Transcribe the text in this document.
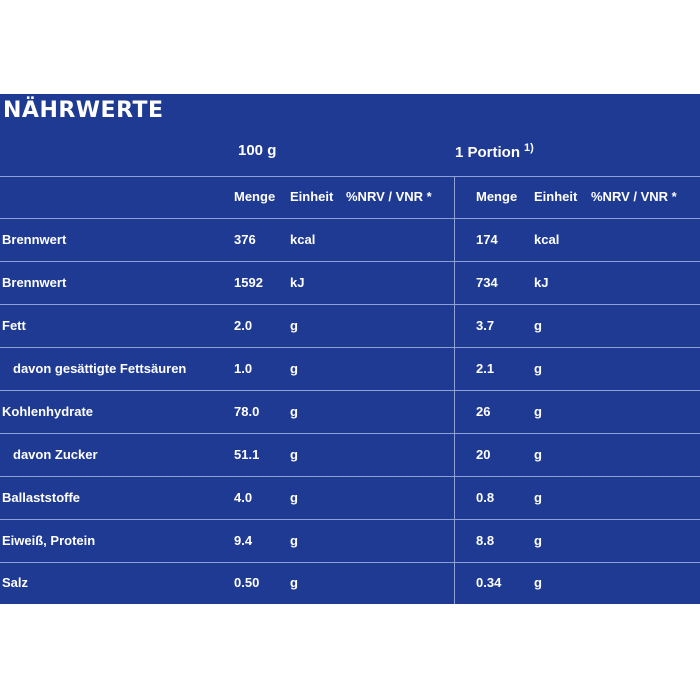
NÄHRWERTE
100 g	1 Portion $^{1)}$
Menge Einheit %NRV / VNR *	Menge Einheit %NRV / VNR *
Brennwert	376	kcal	174	kcal
Brennwert	1592 kJ	734	kJ
Fett	2.0	g	3.7	g
davon gesättigte Fettsäuren	1.0	g	2.1	g
Kohlenhydrate	78.0 g	26	g
davon Zucker	51.1 g	20	g
Ballaststoffe	4.0	g	0.8	g
Eiweiß, Protein	9.4	g	8.8	g
Salz	0.50 g	0.34	g
